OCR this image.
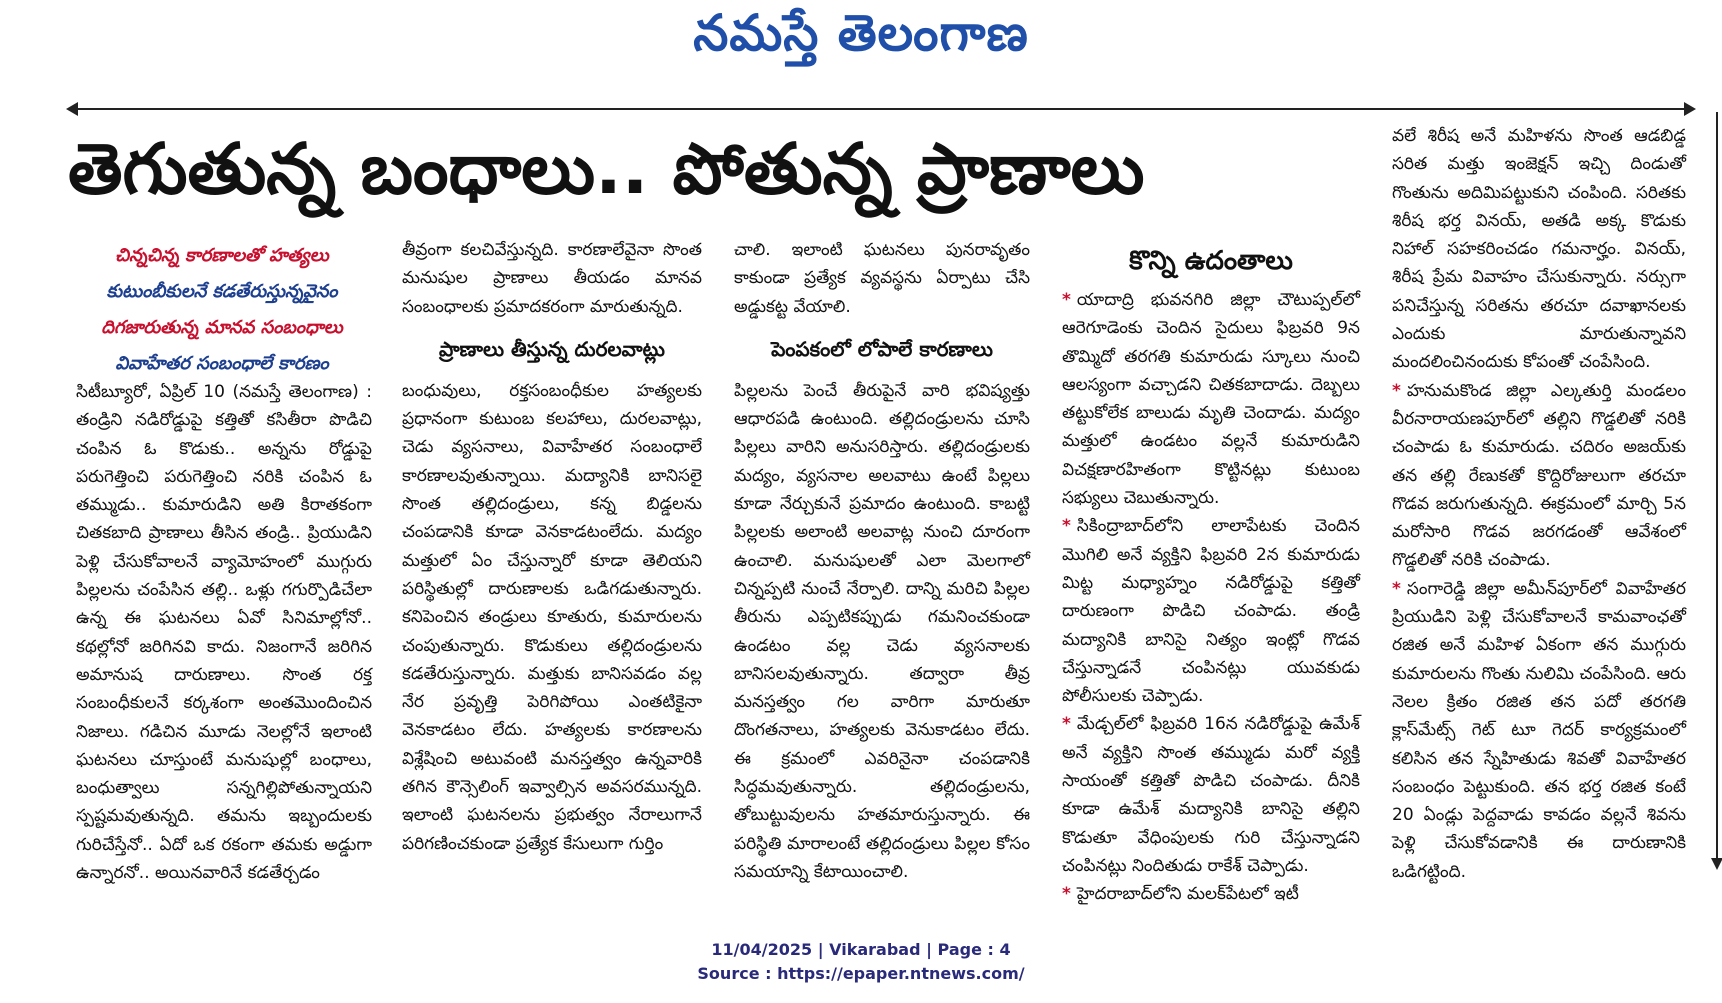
నమస్తే తెలంగాణ
తెగుతున్న బంధాలు.. పోతున్న ప్రాణాలు
చిన్నచిన్న కారణాలతో హత్యలు
కుటుంబీకులనే కడతేరుస్తున్నవైనం
దిగజారుతున్న మానవ సంబంధాలు
వివాహేతర సంబంధాలే కారణం

సిటీబ్యూరో, ఏప్రిల్ 10 (నమస్తే తెలంగాణ) : తండ్రిని నడిరోడ్డుపై కత్తితో కసితీరా పొడిచి చంపిన ఓ కొడుకు.. అన్నను రోడ్డుపై పరుగెత్తించి పరుగెత్తించి నరికి చంపిన ఓ తమ్ముడు.. కుమారుడిని అతి కిరాతకంగా చితకబాది ప్రాణాలు తీసిన తండ్రి.. ప్రియుడిని పెళ్లి చేసుకోవాలనే వ్యామోహంలో ముగ్గురు పిల్లలను చంపేసిన తల్లి.. ఒళ్లు గగుర్పొడిచేలా ఉన్న ఈ ఘటనలు ఏవో సినిమాల్లోనో.. కథల్లోనో జరిగినవి కాదు. నిజంగానే జరిగిన అమానుష దారుణాలు. సొంత రక్త సంబంధీకులనే కర్కశంగా అంతమొందించిన నిజాలు. గడిచిన మూడు నెలల్లోనే ఇలాంటి ఘటనలు చూస్తుంటే మనుషుల్లో బంధాలు, బంధుత్వాలు సన్నగిల్లిపోతున్నాయని స్పష్టమవుతున్నది. తమను ఇబ్బందులకు గురిచేస్తేనో.. ఏదో ఒక రకంగా తమకు అడ్డుగా ఉన్నారనో.. అయినవారినే కడతేర్చడం

తీవ్రంగా కలచివేస్తున్నది. కారణాలేవైనా సొంత మనుషుల ప్రాణాలు తీయడం మానవ సంబంధాలకు ప్రమాదకరంగా మారుతున్నది.

ప్రాణాలు తీస్తున్న దురలవాట్లు

బంధువులు, రక్తసంబంధీకుల హత్యలకు ప్రధానంగా కుటుంబ కలహాలు, దురలవాట్లు, చెడు వ్యసనాలు, వివాహేతర సంబంధాలే కారణాలవుతున్నాయి. మద్యానికి బానిసలై సొంత తల్లిదండ్రులు, కన్న బిడ్డలను చంపడానికి కూడా వెనకాడటంలేదు. మద్యం మత్తులో ఏం చేస్తున్నారో కూడా తెలియని పరిస్థితుల్లో దారుణాలకు ఒడిగడుతున్నారు. కనిపెంచిన తండ్రులు కూతురు, కుమారులను చంపుతున్నారు. కొడుకులు తల్లిదండ్రులను కడతేరుస్తున్నారు. మత్తుకు బానిసవడం వల్ల నేర ప్రవృత్తి పెరిగిపోయి ఎంతటికైనా వెనకాడటం లేదు. హత్యలకు కారణాలను విశ్లేషించి అటువంటి మనస్తత్వం ఉన్నవారికి తగిన కౌన్సెలింగ్ ఇవ్వాల్సిన అవసరమున్నది. ఇలాంటి ఘటనలను ప్రభుత్వం నేరాలుగానే పరిగణించకుండా ప్రత్యేక కేసులుగా గుర్తిం

చాలి. ఇలాంటి ఘటనలు పునరావృతం కాకుండా ప్రత్యేక వ్యవస్థను ఏర్పాటు చేసి అడ్డుకట్ట వేయాలి.

పెంపకంలో లోపాలే కారణాలు

పిల్లలను పెంచే తీరుపైనే వారి భవిష్యత్తు ఆధారపడి ఉంటుంది. తల్లిదండ్రులను చూసి పిల్లలు వారిని అనుసరిస్తారు. తల్లిదండ్రులకు మద్యం, వ్యసనాల అలవాటు ఉంటే పిల్లలు కూడా నేర్చుకునే ప్రమాదం ఉంటుంది. కాబట్టి పిల్లలకు అలాంటి అలవాట్ల నుంచి దూరంగా ఉంచాలి. మనుషులతో ఎలా మెలగాలో చిన్నప్పటి నుంచే నేర్పాలి. దాన్ని మరిచి పిల్లల తీరును ఎప్పటికప్పుడు గమనించకుండా ఉండటం వల్ల చెడు వ్యసనాలకు బానిసలవుతున్నారు. తద్వారా తీవ్ర మనస్తత్వం గల వారిగా మారుతూ దొంగతనాలు, హత్యలకు వెనుకాడటం లేదు. ఈ క్రమంలో ఎవరినైనా చంపడానికి సిద్ధమవుతున్నారు. తల్లిదండ్రులను, తోబుట్టువులను హతమారుస్తున్నారు. ఈ పరిస్థితి మారాలంటే తల్లిదండ్రులు పిల్లల కోసం సమయాన్ని కేటాయించాలి.

కొన్ని ఉదంతాలు

* యాదాద్రి భువనగిరి జిల్లా చౌటుప్పల్‌లో ఆరెగూడెంకు చెందిన సైదులు ఫిబ్రవరి 9న తొమ్మిదో తరగతి కుమారుడు స్కూలు నుంచి ఆలస్యంగా వచ్చాడని చితకబాదాడు. దెబ్బలు తట్టుకోలేక బాలుడు మృతి చెందాడు. మద్యం మత్తులో ఉండటం వల్లనే కుమారుడిని విచక్షణారహితంగా కొట్టినట్లు కుటుంబ సభ్యులు చెబుతున్నారు.

* సికింద్రాబాద్‌లోని లాలాపేటకు చెందిన మొగిలి అనే వ్యక్తిని ఫిబ్రవరి 2న కుమారుడు మిట్ట మధ్యాహ్నం నడిరోడ్డుపై కత్తితో దారుణంగా పొడిచి చంపాడు. తండ్రి మద్యానికి బానిసై నిత్యం ఇంట్లో గొడవ చేస్తున్నాడనే చంపినట్లు యువకుడు పోలీసులకు చెప్పాడు.

* మేడ్చల్‌లో ఫిబ్రవరి 16న నడిరోడ్డుపై ఉమేశ్ అనే వ్యక్తిని సొంత తమ్ముడు మరో వ్యక్తి సాయంతో కత్తితో పొడిచి చంపాడు. దీనికి కూడా ఉమేశ్ మద్యానికి బానిసై తల్లిని కొడుతూ వేధింపులకు గురి చేస్తున్నాడని చంపినట్లు నిందితుడు రాకేశ్ చెప్పాడు.

* హైదరాబాద్‌లోని మలక్‌పేటలో ఇటీ

వలే శిరీష అనే మహిళను సొంత ఆడబిడ్డ సరిత మత్తు ఇంజెక్షన్ ఇచ్చి దిండుతో గొంతును అదిమిపట్టుకుని చంపింది. సరితకు శిరీష భర్త వినయ్, అతడి అక్క కొడుకు నిహాల్ సహకరించడం గమనార్హం. వినయ్, శిరీష ప్రేమ వివాహం చేసుకున్నారు. నర్సుగా పనిచేస్తున్న సరితను తరచూ దవాఖానలకు ఎందుకు మారుతున్నావని మందలించినందుకు కోపంతో చంపేసింది.

* హనుమకొండ జిల్లా ఎల్కతుర్తి మండలం వీరనారాయణపూర్‌లో తల్లిని గొడ్డలితో నరికి చంపాడు ఓ కుమారుడు. చదిరం అజయ్‌కు తన తల్లి రేణుకతో కొద్దిరోజులుగా తరచూ గొడవ జరుగుతున్నది. ఈక్రమంలో మార్చి 5న మరోసారి గొడవ జరగడంతో ఆవేశంలో గొడ్డలితో నరికి చంపాడు.

* సంగారెడ్డి జిల్లా అమీన్‌పూర్‌లో వివాహేతర ప్రియుడిని పెళ్లి చేసుకోవాలనే కామవాంఛతో రజిత అనే మహిళ ఏకంగా తన ముగ్గురు కుమారులను గొంతు నులిమి చంపేసింది. ఆరు నెలల క్రితం రజిత తన పదో తరగతి క్లాస్‌మేట్స్ గెట్ టూ గెదర్ కార్యక్రమంలో కలిసిన తన స్నేహితుడు శివతో వివాహేతర సంబంధం పెట్టుకుంది. తన భర్త రజిత కంటే 20 ఏండ్లు పెద్దవాడు కావడం వల్లనే శివను పెళ్లి చేసుకోవడానికి ఈ దారుణానికి ఒడిగట్టింది.

11/04/2025 | Vikarabad | Page : 4
Source : https://epaper.ntnews.com/
